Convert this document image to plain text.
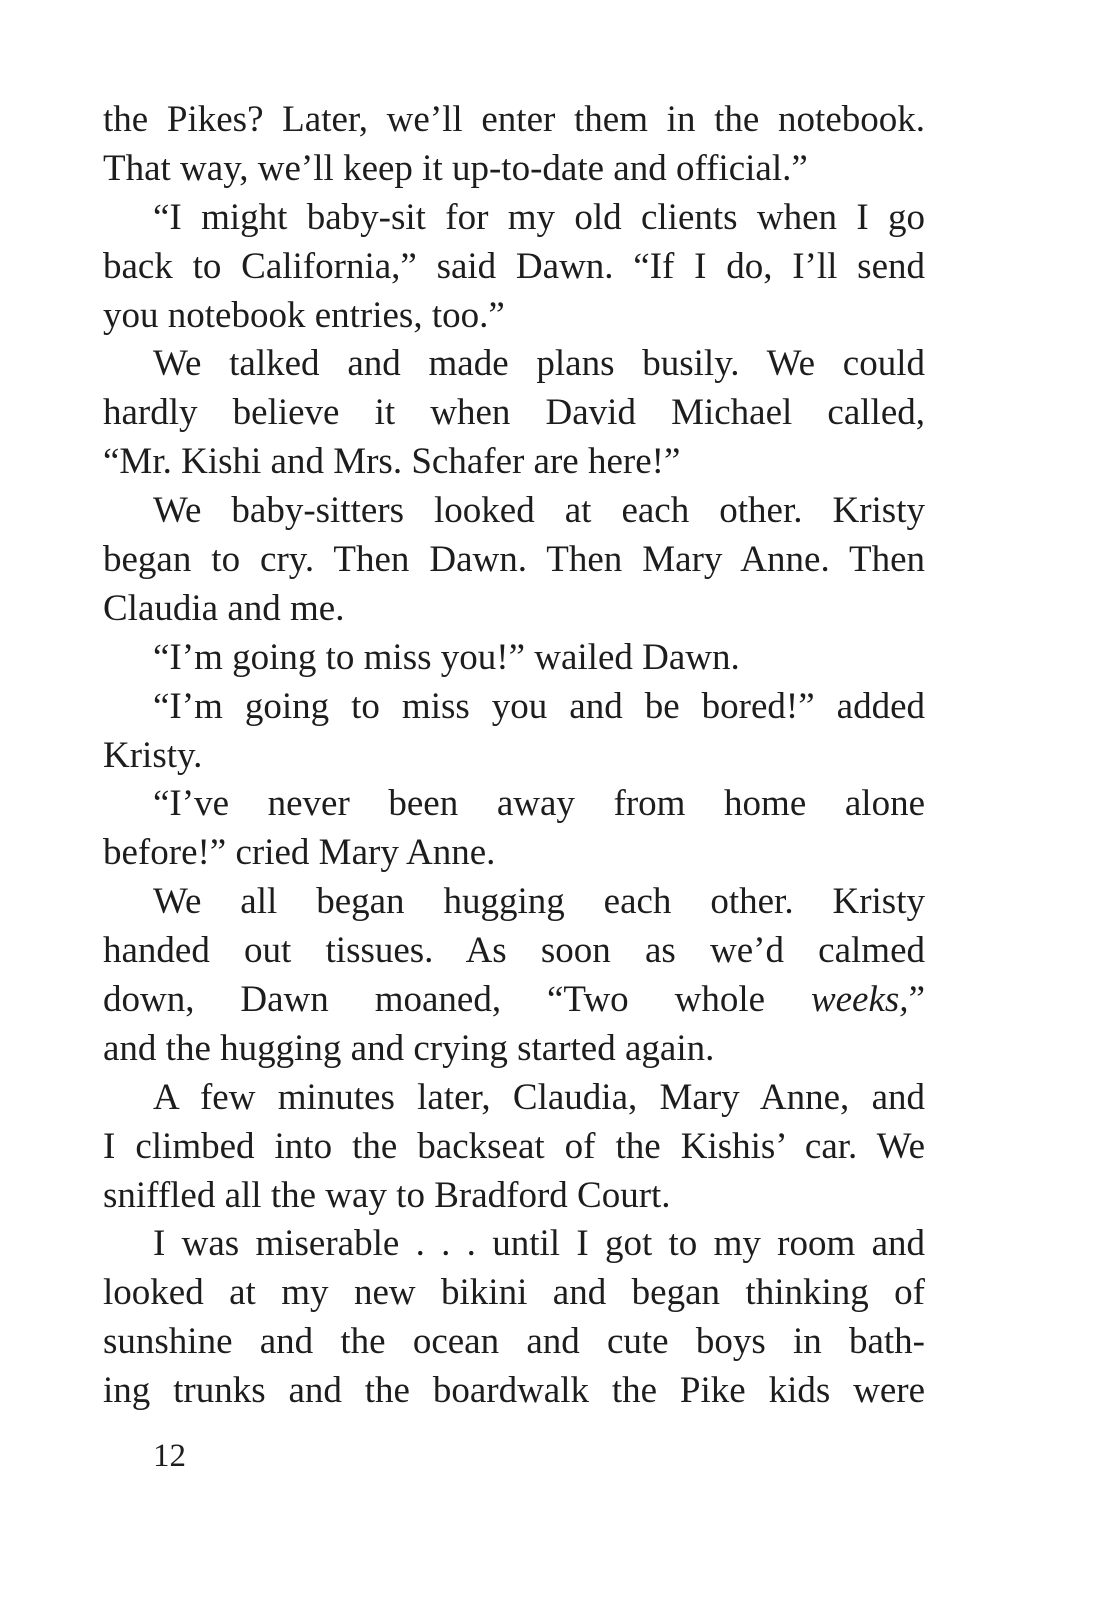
the Pikes? Later, we’ll enter them in the notebook.
That way, we’ll keep it up-to-date and official.”
“I might baby-sit for my old clients when I go
back to California,” said Dawn. “If I do, I’ll send
you notebook entries, too.”
We talked and made plans busily. We could
hardly believe it when David Michael called,
“Mr. Kishi and Mrs. Schafer are here!”
We baby-sitters looked at each other. Kristy
began to cry. Then Dawn. Then Mary Anne. Then
Claudia and me.
“I’m going to miss you!” wailed Dawn.
“I’m going to miss you and be bored!” added
Kristy.
“I’ve never been away from home alone
before!” cried Mary Anne.
We all began hugging each other. Kristy
handed out tissues. As soon as we’d calmed
down, Dawn moaned, “Two whole weeks,”
and the hugging and crying started again.
A few minutes later, Claudia, Mary Anne, and
I climbed into the backseat of the Kishis’ car. We
sniffled all the way to Bradford Court.
I was miserable . . . until I got to my room and
looked at my new bikini and began thinking of
sunshine and the ocean and cute boys in bath-
ing trunks and the boardwalk the Pike kids were

12
